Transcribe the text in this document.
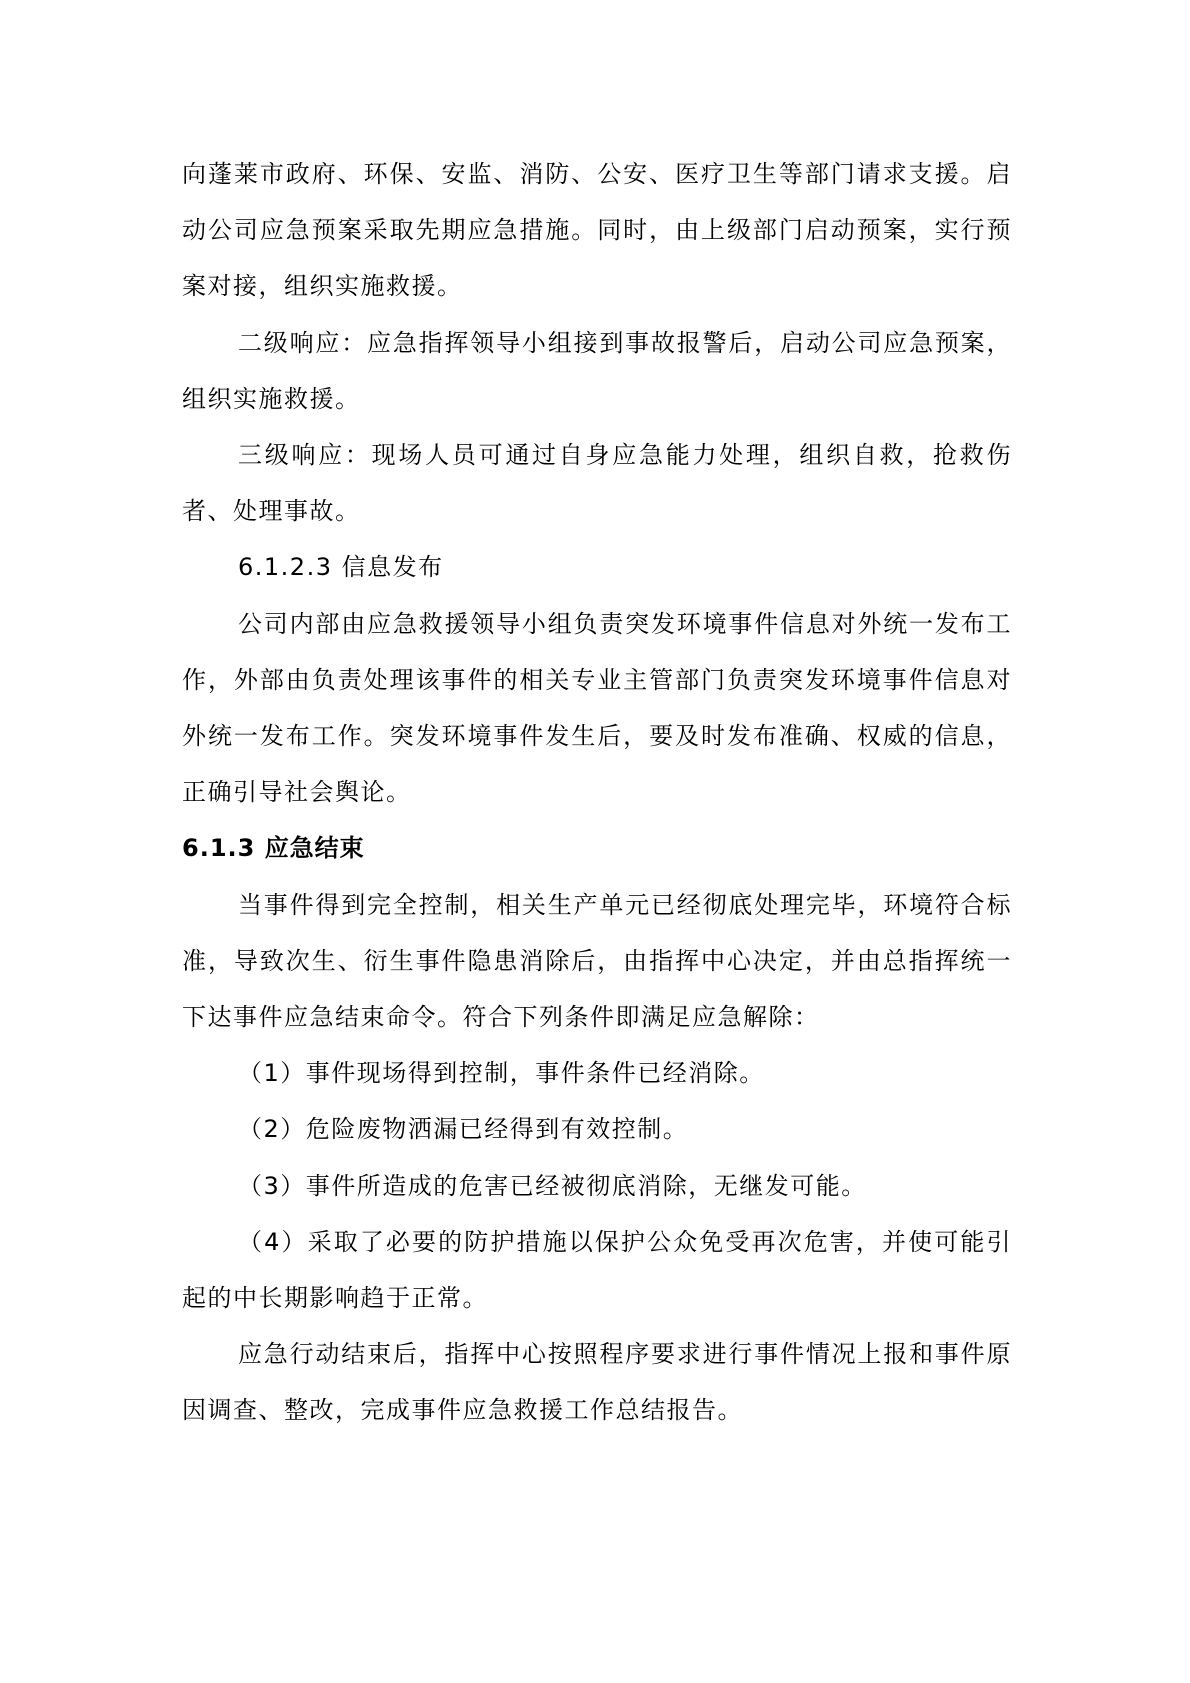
向蓬莱市政府、环保、安监、消防、公安、医疗卫生等部门请求支援。启动公司应急预案采取先期应急措施。同时，由上级部门启动预案，实行预案对接，组织实施救援。

二级响应：应急指挥领导小组接到事故报警后，启动公司应急预案，组织实施救援。

三级响应：现场人员可通过自身应急能力处理，组织自救，抢救伤者、处理事故。

6.1.2.3 信息发布

公司内部由应急救援领导小组负责突发环境事件信息对外统一发布工作，外部由负责处理该事件的相关专业主管部门负责突发环境事件信息对外统一发布工作。突发环境事件发生后，要及时发布准确、权威的信息，正确引导社会舆论。

6.1.3 应急结束

当事件得到完全控制，相关生产单元已经彻底处理完毕，环境符合标准，导致次生、衍生事件隐患消除后，由指挥中心决定，并由总指挥统一下达事件应急结束命令。符合下列条件即满足应急解除：

（1）事件现场得到控制，事件条件已经消除。

（2）危险废物洒漏已经得到有效控制。

（3）事件所造成的危害已经被彻底消除，无继发可能。

（4）采取了必要的防护措施以保护公众免受再次危害，并使可能引起的中长期影响趋于正常。

应急行动结束后，指挥中心按照程序要求进行事件情况上报和事件原因调查、整改，完成事件应急救援工作总结报告。
